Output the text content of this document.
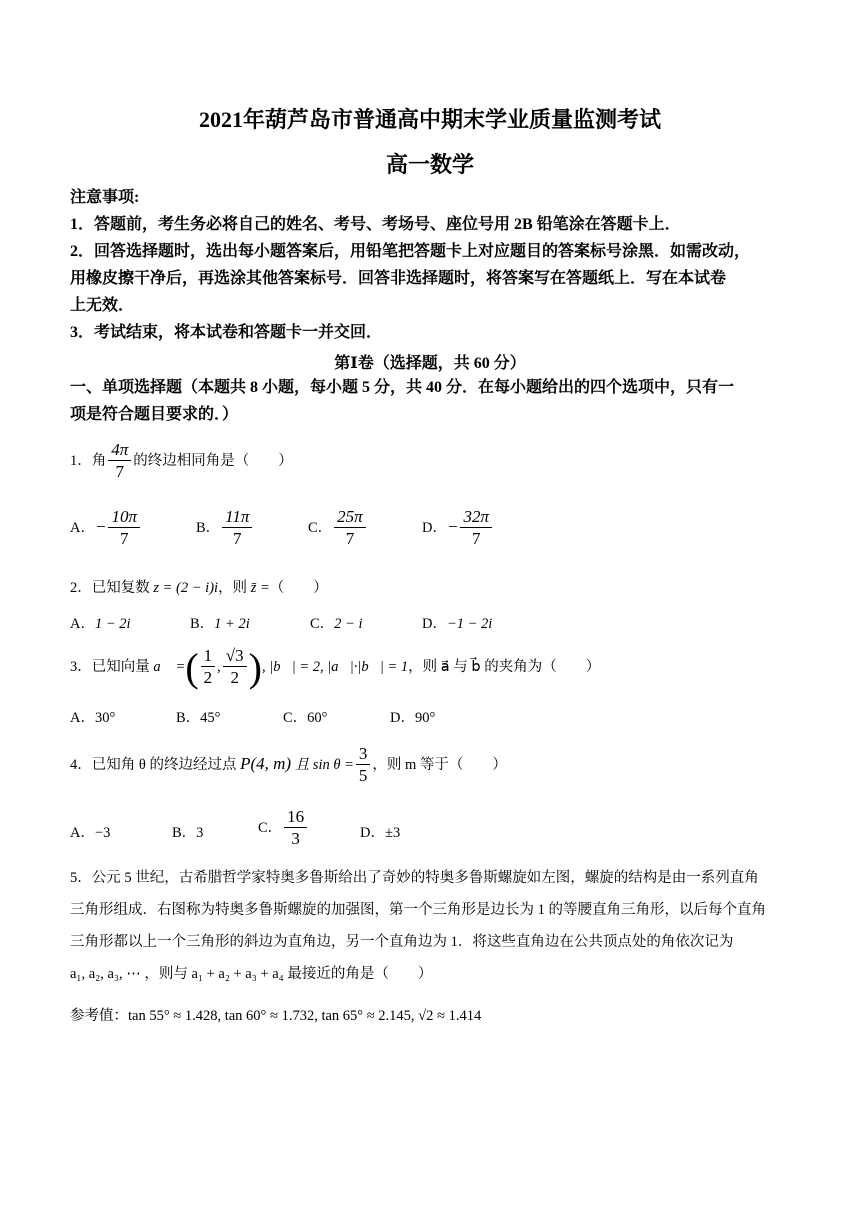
2021年葫芦岛市普通高中期末学业质量监测考试
高一数学
注意事项:
1．答题前，考生务必将自己的姓名、考号、考场号、座位号用 2B 铅笔涂在答题卡上．
2．回答选择题时，选出每小题答案后，用铅笔把答题卡上对应题目的答案标号涂黑．如需改动，
用橡皮擦干净后，再选涂其他答案标号．回答非选择题时，将答案写在答题纸上．写在本试卷
上无效．
3．考试结束，将本试卷和答题卡一并交回．
第Ⅰ卷（选择题，共 60 分）
一、单项选择题（本题共 8 小题，每小题 5 分，共 40 分．在每小题给出的四个选项中，只有一
项是符合题目要求的．）
1．角 $\frac{4\pi}{7}$ 的终边相同角是（　　）
A．− $\frac{10\pi}{7}$	B． $\frac{11\pi}{7}$	C． $\frac{25\pi}{7}$	D．− $\frac{32\pi}{7}$
2．已知复数 z = (2 − i)i，则 z̄ =（　　）
A．1 − 2i	B．1 + 2i	C．2 − i	D．−1 − 2i
3．已知向量 a⃗ =( $\frac{1}{2}$ , $\frac{√3}{2}$ ), |b⃗| = 2, |a⃗|·|b⃗| = 1，则 a⃗ 与 b⃗ 的夹角为（　　）
A．30°	B．45°	C．60°	D．90°
4．已知角 θ 的终边经过点 P(4, m) 且 $\sin \theta = \frac{3}{5}$ ，则 m 等于（　　）
A．−3	B．3	C． $\frac{16}{3}$	D．±3
5．公元 5 世纪，古希腊哲学家特奥多鲁斯给出了奇妙的特奥多鲁斯螺旋如左图，螺旋的结构是由一系列直角
三角形组成．右图称为特奥多鲁斯螺旋的加强图，第一个三角形是边长为 1 的等腰直角三角形，以后每个直角
三角形都以上一个三角形的斜边为直角边，另一个直角边为 1．将这些直角边在公共顶点处的角依次记为
a₁, a₂, a₃, ⋯ ，则与 a₁ + a₂ + a₃ + a₄ 最接近的角是（　　）
参考值：tan 55° ≈ 1.428, tan 60° ≈ 1.732, tan 65° ≈ 2.145, √2 ≈ 1.414
